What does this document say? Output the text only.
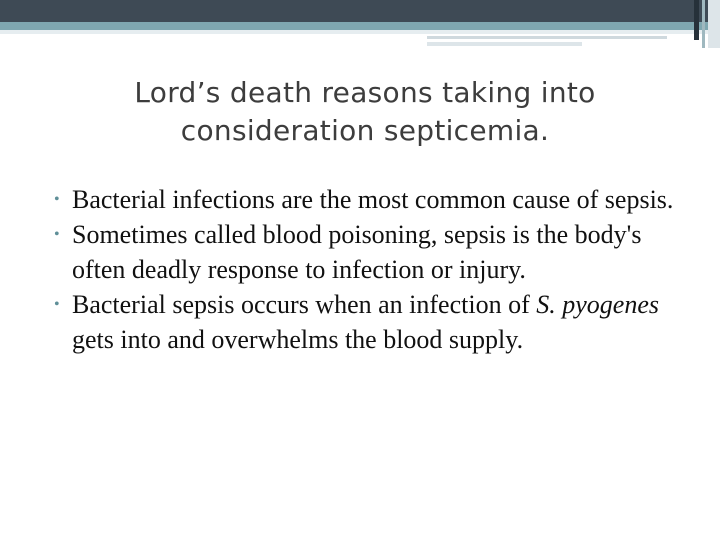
Lord’s death reasons taking into consideration septicemia.
• Bacterial infections are the most common cause of sepsis.
• Sometimes called blood poisoning, sepsis is the body's often deadly response to infection or injury.
• Bacterial sepsis occurs when an infection of S. pyogenes gets into and overwhelms the blood supply.
